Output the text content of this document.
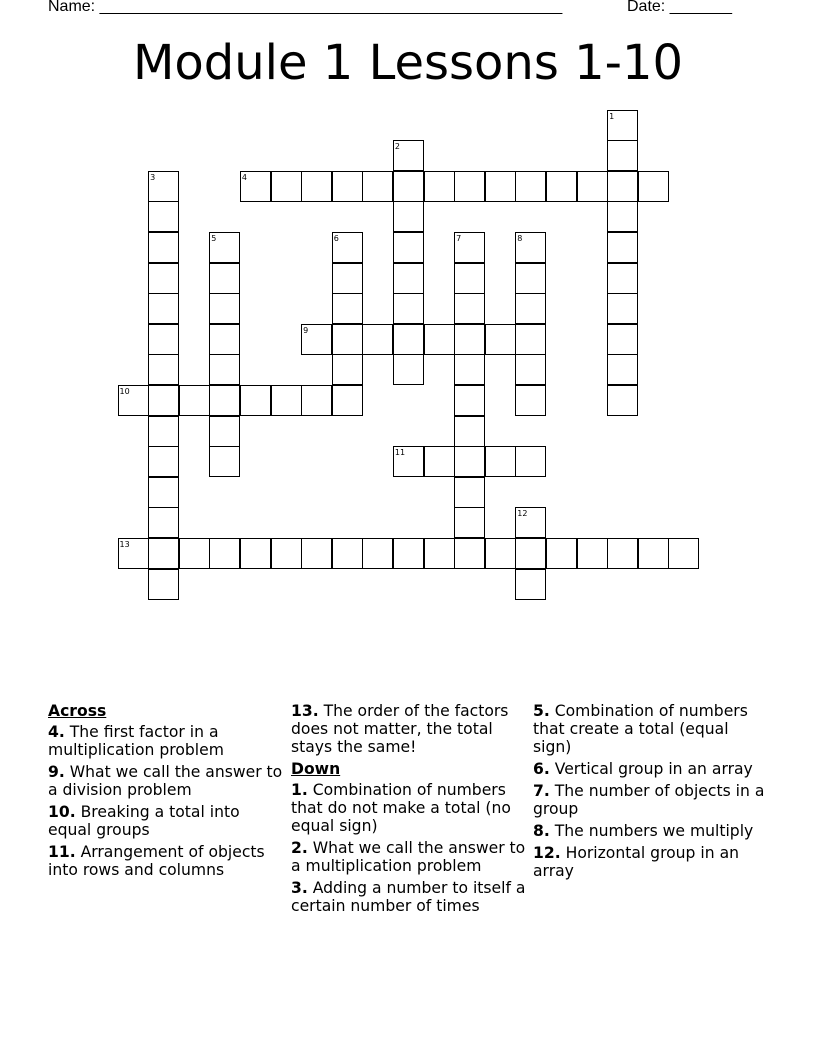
Name: ____________________________________________________	Date: _______
Module 1 Lessons 1-10
1
2
3	4
5	6	7	8
9
10
11
12
13
Across
4. The first factor in a multiplication problem
9. What we call the answer to a division problem
10. Breaking a total into equal groups
11. Arrangement of objects into rows and columns
13. The order of the factors does not matter, the total stays the same!
Down
1. Combination of numbers that do not make a total (no equal sign)
2. What we call the answer to a multiplication problem
3. Adding a number to itself a certain number of times
5. Combination of numbers that create a total (equal sign)
6. Vertical group in an array
7. The number of objects in a group
8. The numbers we multiply
12. Horizontal group in an array
